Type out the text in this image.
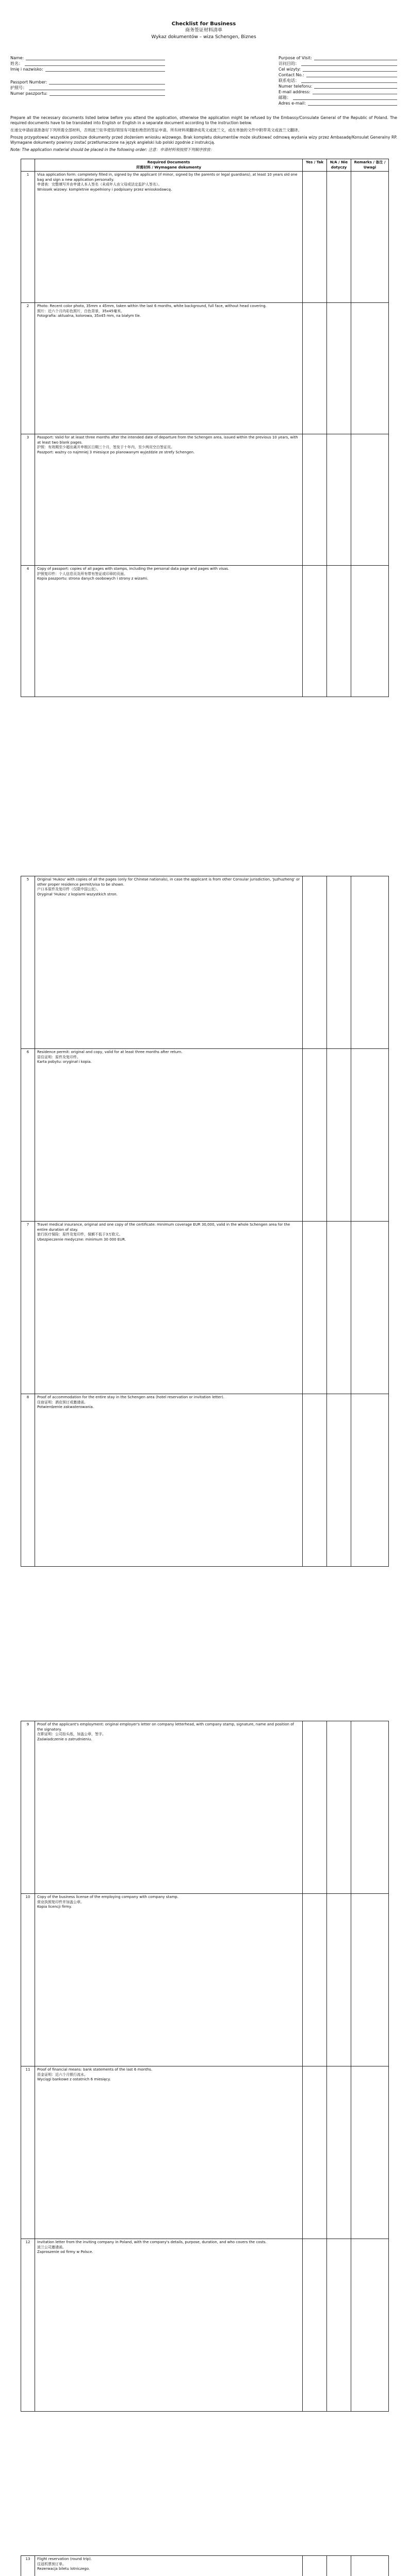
Checklist for Business
商务签证材料清单
Wykaz dokumentów – wiza Schengen, Biznes
Name:
姓名：
Imię i nazwisko:
Passport Number:
护照号：
Numer paszportu:
Purpose of Visit:
访问目的：
Cel wizyty:
Contact No.:
联系电话：
Numer telefonu:
E-mail address:
邮箱：
Adres e-mail:

Prepare all the necessary documents listed below before you attend the application, otherwise the application might be refused by the Embassy/Consulate General of the Republic of Poland. The required documents have to be translated into English or English in a separate document according to the instruction below.

在递交申请前请准备好下列所需全部材料，否则波兰驻华使馆/领馆有可能拒绝您的签证申请。所有材料须翻译成英文或波兰文，或在单独的文件中附带英文或波兰文翻译。

Proszę przygotować wszystkie poniższe dokumenty przed złożeniem wniosku wizowego. Brak kompletu dokumentów może skutkować odmową wydania wizy przez Ambasadę/Konsulat Generalny RP. Wymagane dokumenty powinny zostać przetłumaczone na język angielski lub polski zgodnie z instrukcją.

Note: The application material should be placed in the following order: 注意：申请材料须按照下列顺序排放：

	Required Documents
所需材料 / Wymagane dokumenty	Yes / Tak	N/A / Nie dotyczy	Remarks / 备注 / Uwagi
1	Visa application form: completely filled in, signed by the applicant (if minor, signed by the parents or legal guardians), at least 10 years old one bag and sign a new application personally.
申请表：完整填写并由申请人本人签名（未成年人由父母或法定监护人签名）。
Wniosek wizowy: kompletnie wypełniony i podpisany przez wnioskodawcę.			

2	Photo: Recent color photo, 35mm x 45mm, taken within the last 6 months, white background, full face, without head covering.
照片：近六个月内彩色照片，白色背景，35x45毫米。
Fotografia: aktualna, kolorowa, 35x45 mm, na białym tle.			

3	Passport: Valid for at least three months after the intended date of departure from the Schengen area, issued within the previous 10 years, with at least two blank pages.
护照：有效期至少超出离开申根区日期三个月，签发于十年内，至少两页空白签证页。
Paszport: ważny co najmniej 3 miesiące po planowanym wyjeździe ze strefy Schengen.			

4	Copy of passport: copies of all pages with stamps, including the personal data page and pages with visas.
护照复印件：个人信息页及所有带有签证或印章的页面。
Kopia paszportu: strona danych osobowych i strony z wizami.			

5	Original 'Hukou' with copies of all the pages (only for Chinese nationals), in case the applicant is from other Consular jurisdiction, 'Juzhuzheng' or other proper residence permit/visa to be shown.
户口本原件及复印件（仅限中国公民）。
Oryginał 'Hukou' z kopiami wszystkich stron.			

6	Residence permit: original and copy, valid for at least three months after return.
居住证明：原件及复印件。
Karta pobytu: oryginał i kopia.			

7	Travel medical insurance, original and one copy of the certificate: minimum coverage EUR 30,000, valid in the whole Schengen area for the entire duration of stay.
旅行医疗保险：原件及复印件，保额不低于3万欧元。
Ubezpieczenie medyczne: minimum 30 000 EUR.			

8	Proof of accommodation for the entire stay in the Schengen area (hotel reservation or invitation letter).
住宿证明：酒店预订或邀请函。
Potwierdzenie zakwaterowania.			

9	Proof of the applicant's employment: original employer's letter on company letterhead, with company stamp, signature, name and position of the signatory.
在职证明：公司抬头纸，加盖公章，签字。
Zaświadczenie o zatrudnieniu.			

10	Copy of the business license of the employing company with company stamp.
营业执照复印件并加盖公章。
Kopia licencji firmy.			

11	Proof of financial means: bank statements of the last 6 months.
资金证明：近六个月银行流水。
Wyciągi bankowe z ostatnich 6 miesięcy.			

12	Invitation letter from the inviting company in Poland, with the company's details, purpose, duration, and who covers the costs.
波兰公司邀请函。
Zaproszenie od firmy w Polsce.			

13	Flight reservation (round trip).
往返机票预订单。
Rezerwacja biletu lotniczego.			
